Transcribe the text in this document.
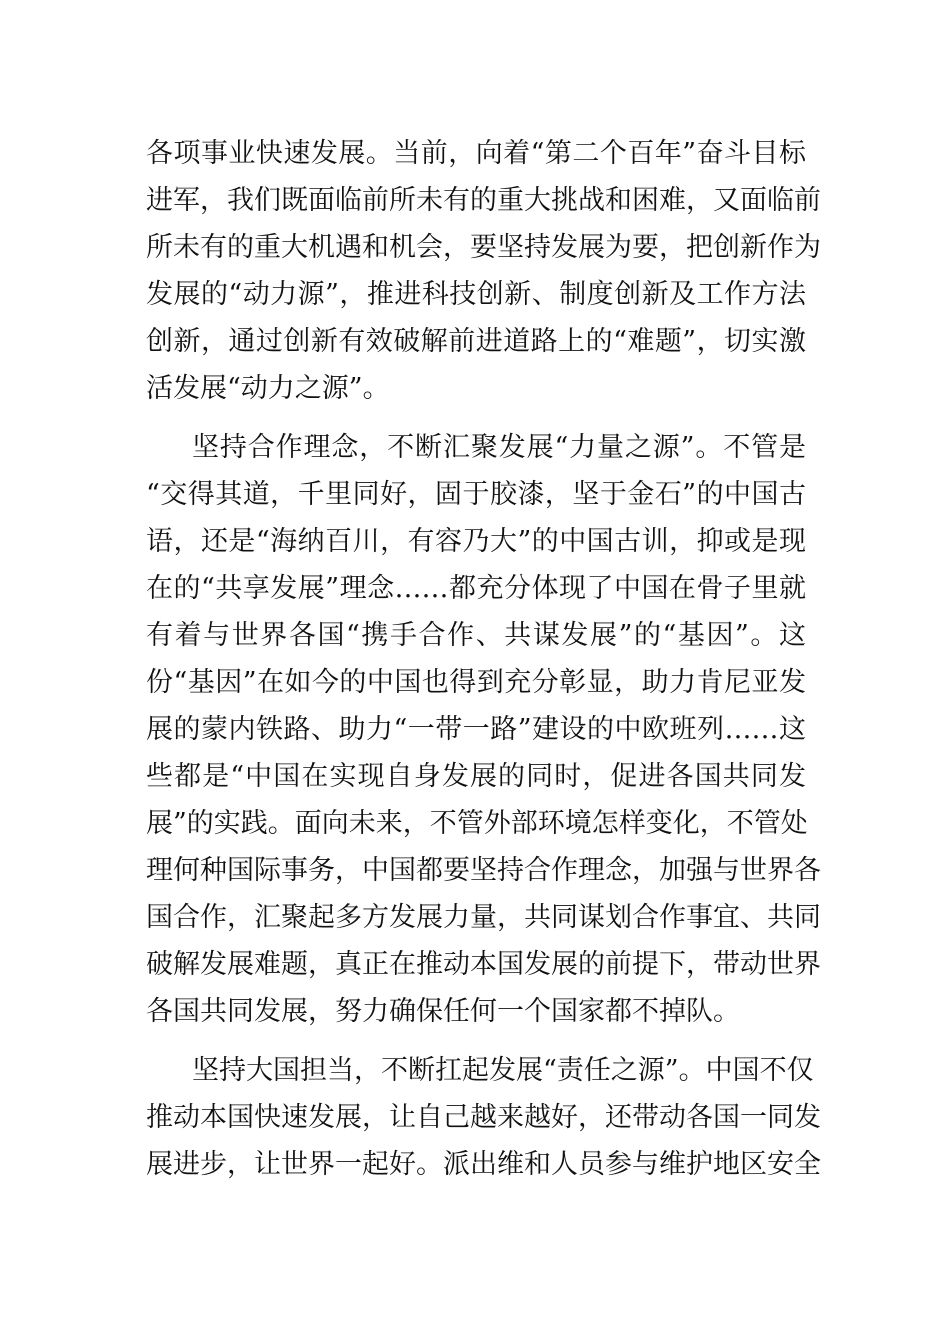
各项事业快速发展。当前，向着“第二个百年”奋斗目标
进军，我们既面临前所未有的重大挑战和困难，又面临前
所未有的重大机遇和机会，要坚持发展为要，把创新作为
发展的“动力源”，推进科技创新、制度创新及工作方法
创新，通过创新有效破解前进道路上的“难题”，切实激
活发展“动力之源”。
坚持合作理念，不断汇聚发展“力量之源”。不管是
“交得其道，千里同好，固于胶漆，坚于金石”的中国古
语，还是“海纳百川，有容乃大”的中国古训，抑或是现
在的“共享发展”理念……都充分体现了中国在骨子里就
有着与世界各国“携手合作、共谋发展”的“基因”。这
份“基因”在如今的中国也得到充分彰显，助力肯尼亚发
展的蒙内铁路、助力“一带一路”建设的中欧班列……这
些都是“中国在实现自身发展的同时，促进各国共同发
展”的实践。面向未来，不管外部环境怎样变化，不管处
理何种国际事务，中国都要坚持合作理念，加强与世界各
国合作，汇聚起多方发展力量，共同谋划合作事宜、共同
破解发展难题，真正在推动本国发展的前提下，带动世界
各国共同发展，努力确保任何一个国家都不掉队。
坚持大国担当，不断扛起发展“责任之源”。中国不仅
推动本国快速发展，让自己越来越好，还带动各国一同发
展进步，让世界一起好。派出维和人员参与维护地区安全
